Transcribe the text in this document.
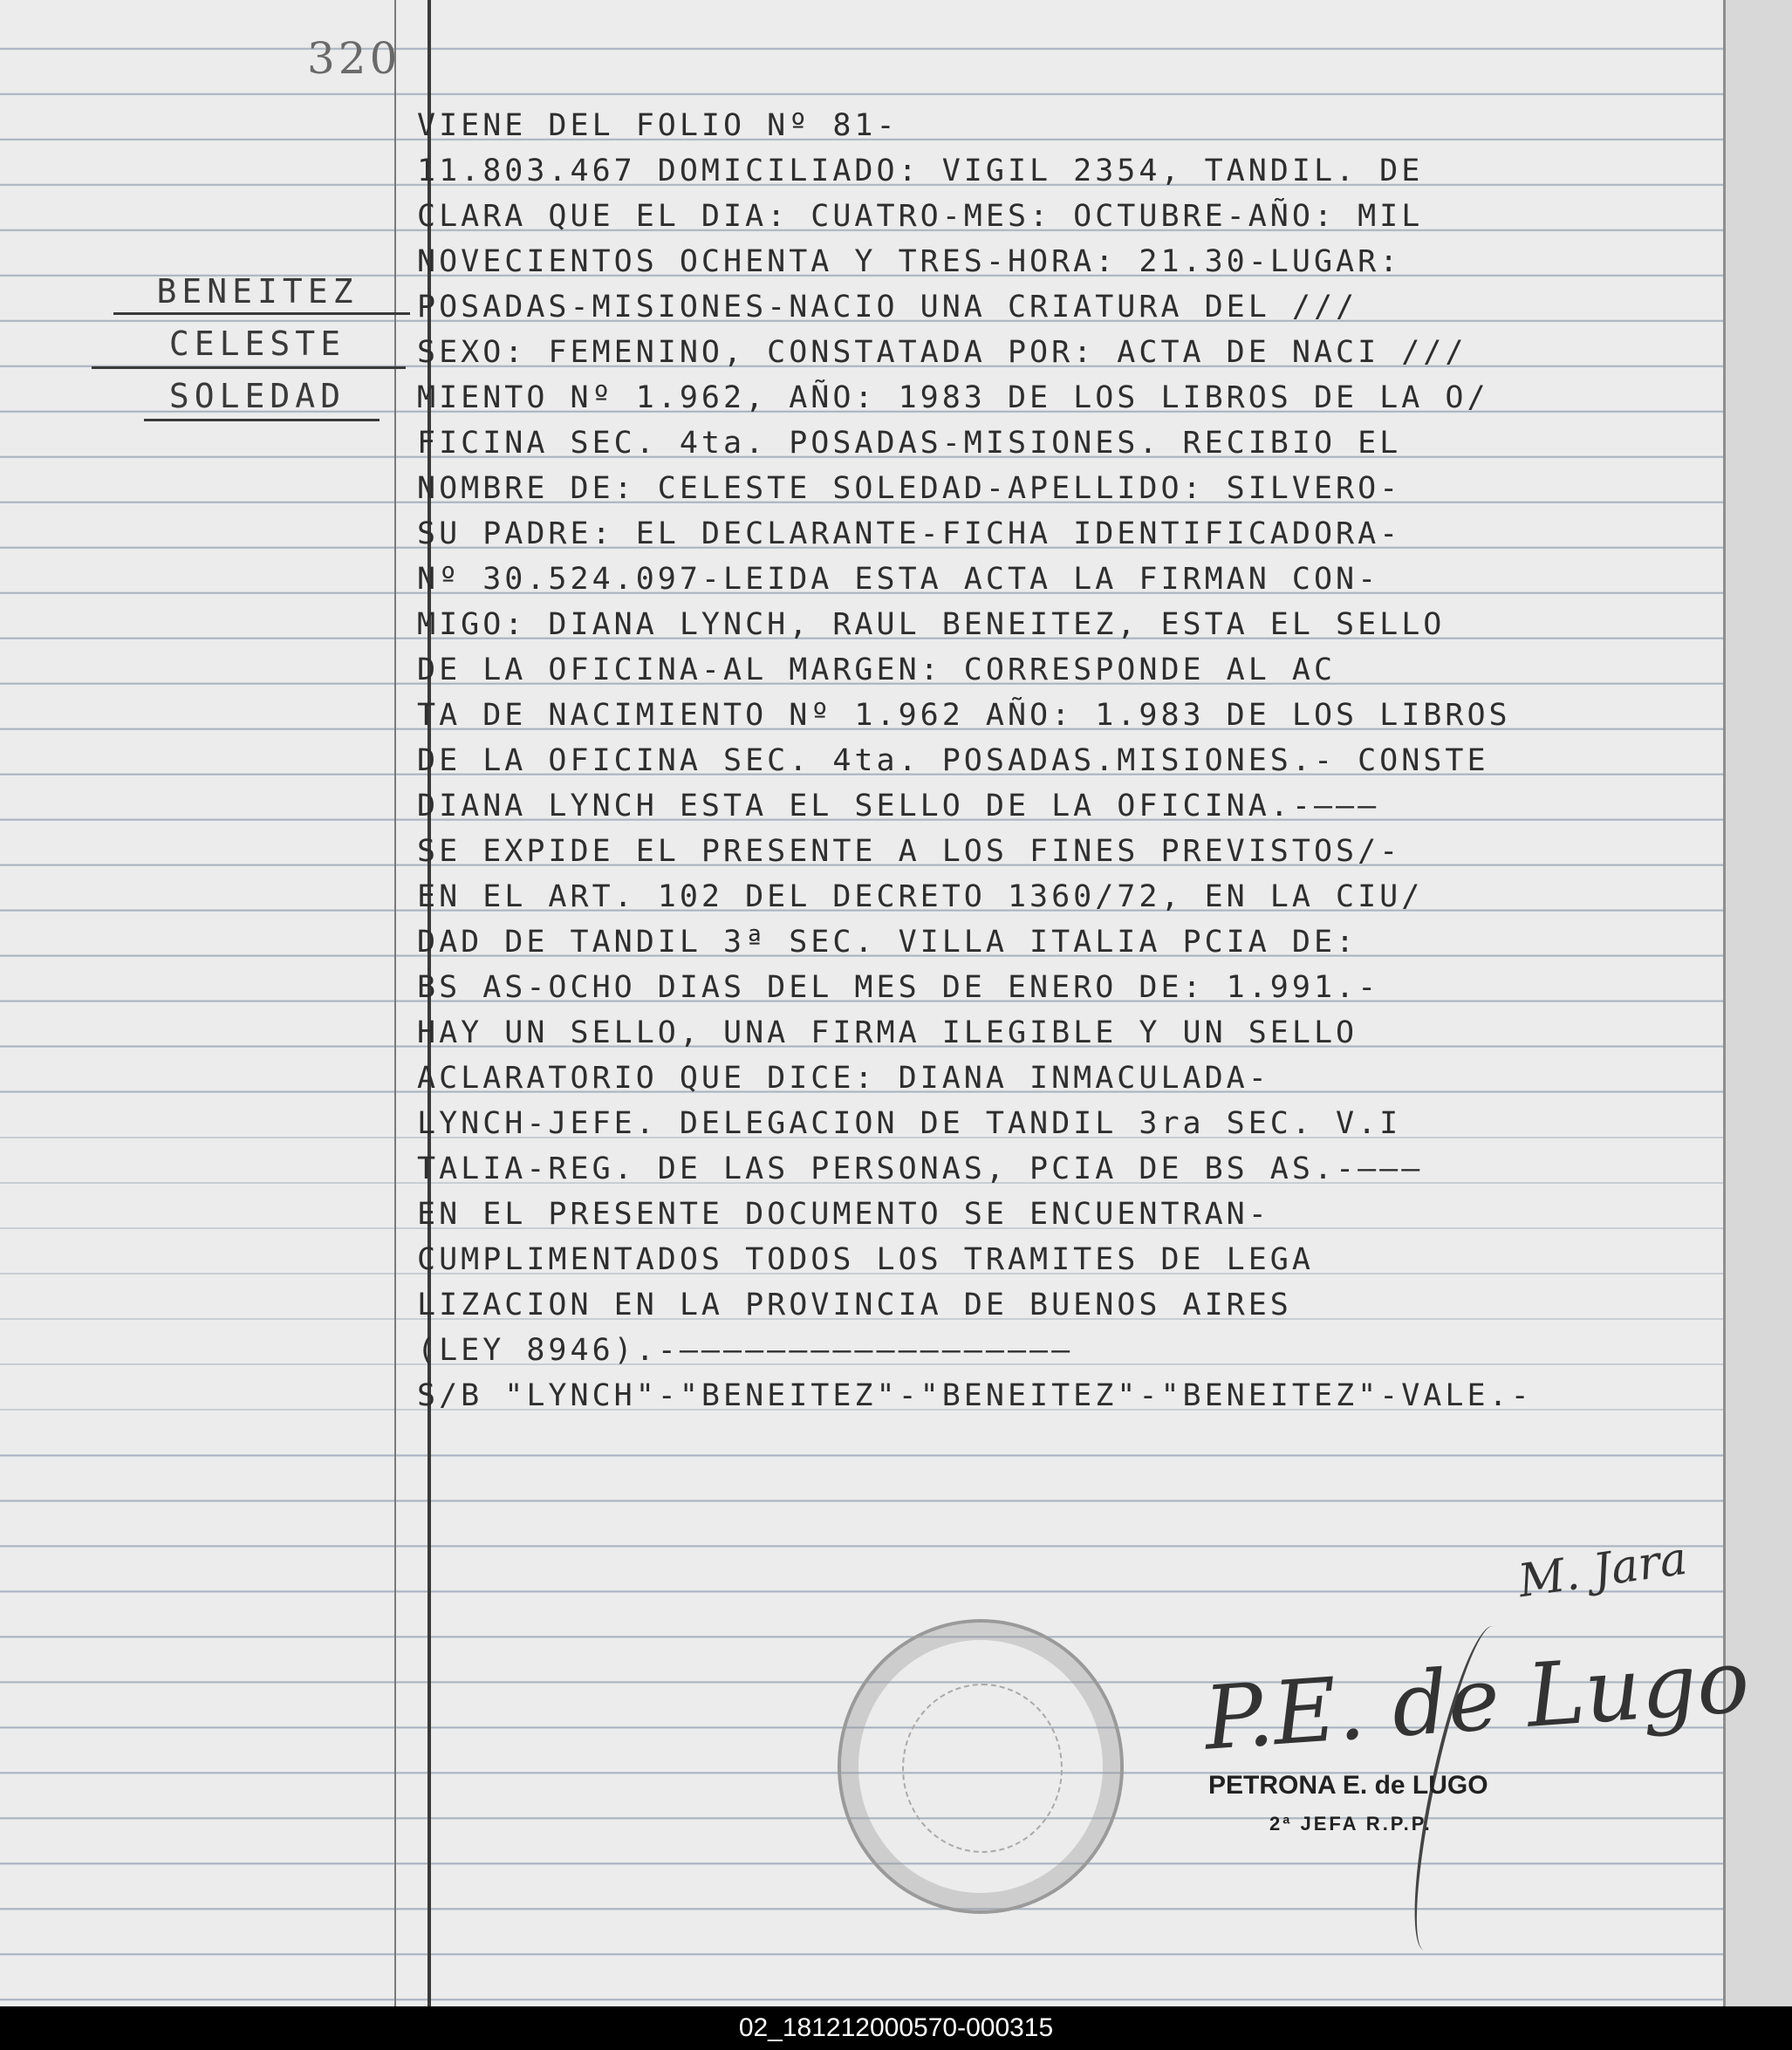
320
BENEITEZ
CELESTE
SOLEDAD
VIENE DEL FOLIO Nº 81-
11.803.467 DOMICILIADO: VIGIL 2354, TANDIL. DE
CLARA QUE EL DIA: CUATRO-MES: OCTUBRE-AÑO: MIL
NOVECIENTOS OCHENTA Y TRES-HORA: 21.30-LUGAR:
POSADAS-MISIONES-NACIO UNA CRIATURA DEL ///
SEXO: FEMENINO, CONSTATADA POR: ACTA DE NACI ///
MIENTO Nº 1.962, AÑO: 1983 DE LOS LIBROS DE LA O/
FICINA SEC. 4ta. POSADAS-MISIONES. RECIBIO EL
NOMBRE DE: CELESTE SOLEDAD-APELLIDO: SILVERO-
SU PADRE: EL DECLARANTE-FICHA IDENTIFICADORA-
Nº 30.524.097-LEIDA ESTA ACTA LA FIRMAN CON-
MIGO: DIANA LYNCH, RAUL BENEITEZ, ESTA EL SELLO
DE LA OFICINA-AL MARGEN: CORRESPONDE AL AC
TA DE NACIMIENTO Nº 1.962 AÑO: 1.983 DE LOS LIBROS
DE LA OFICINA SEC. 4ta. POSADAS.MISIONES.- CONSTE
DIANA LYNCH ESTA EL SELLO DE LA OFICINA.-———
SE EXPIDE EL PRESENTE A LOS FINES PREVISTOS/-
EN EL ART. 102 DEL DECRETO 1360/72, EN LA CIU/
DAD DE TANDIL 3ª SEC. VILLA ITALIA PCIA DE:
BS AS-OCHO DIAS DEL MES DE ENERO DE: 1.991.-
HAY UN SELLO, UNA FIRMA ILEGIBLE Y UN SELLO
ACLARATORIO QUE DICE: DIANA INMACULADA-
LYNCH-JEFE. DELEGACION DE TANDIL 3ra SEC. V.I
TALIA-REG. DE LAS PERSONAS, PCIA DE BS AS.-———
EN EL PRESENTE DOCUMENTO SE ENCUENTRAN-
CUMPLIMENTADOS TODOS LOS TRAMITES DE LEGA
LIZACION EN LA PROVINCIA DE BUENOS AIRES
(LEY 8946).-——————————————————
S/B "LYNCH"-"BENEITEZ"-"BENEITEZ"-"BENEITEZ"-VALE.-
M. Jara
P.E. de Lugo
PETRONA E. de LUGO
2ª JEFA R.P.P.
02_181212000570-000315
